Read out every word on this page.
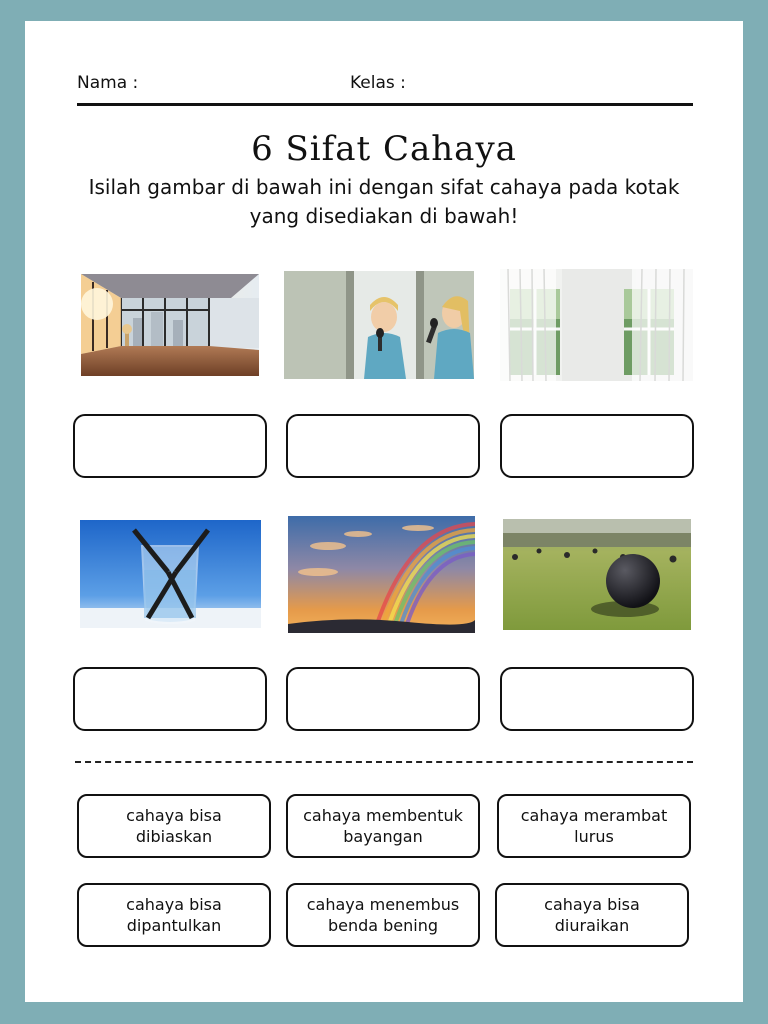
Nama :	Kelas :
6 Sifat Cahaya
Isilah gambar di bawah ini dengan sifat cahaya pada kotak yang disediakan di bawah!
cahaya bisa dibiaskan
cahaya membentuk bayangan
cahaya merambat lurus
cahaya bisa dipantulkan
cahaya menembus benda bening
cahaya bisa diuraikan
